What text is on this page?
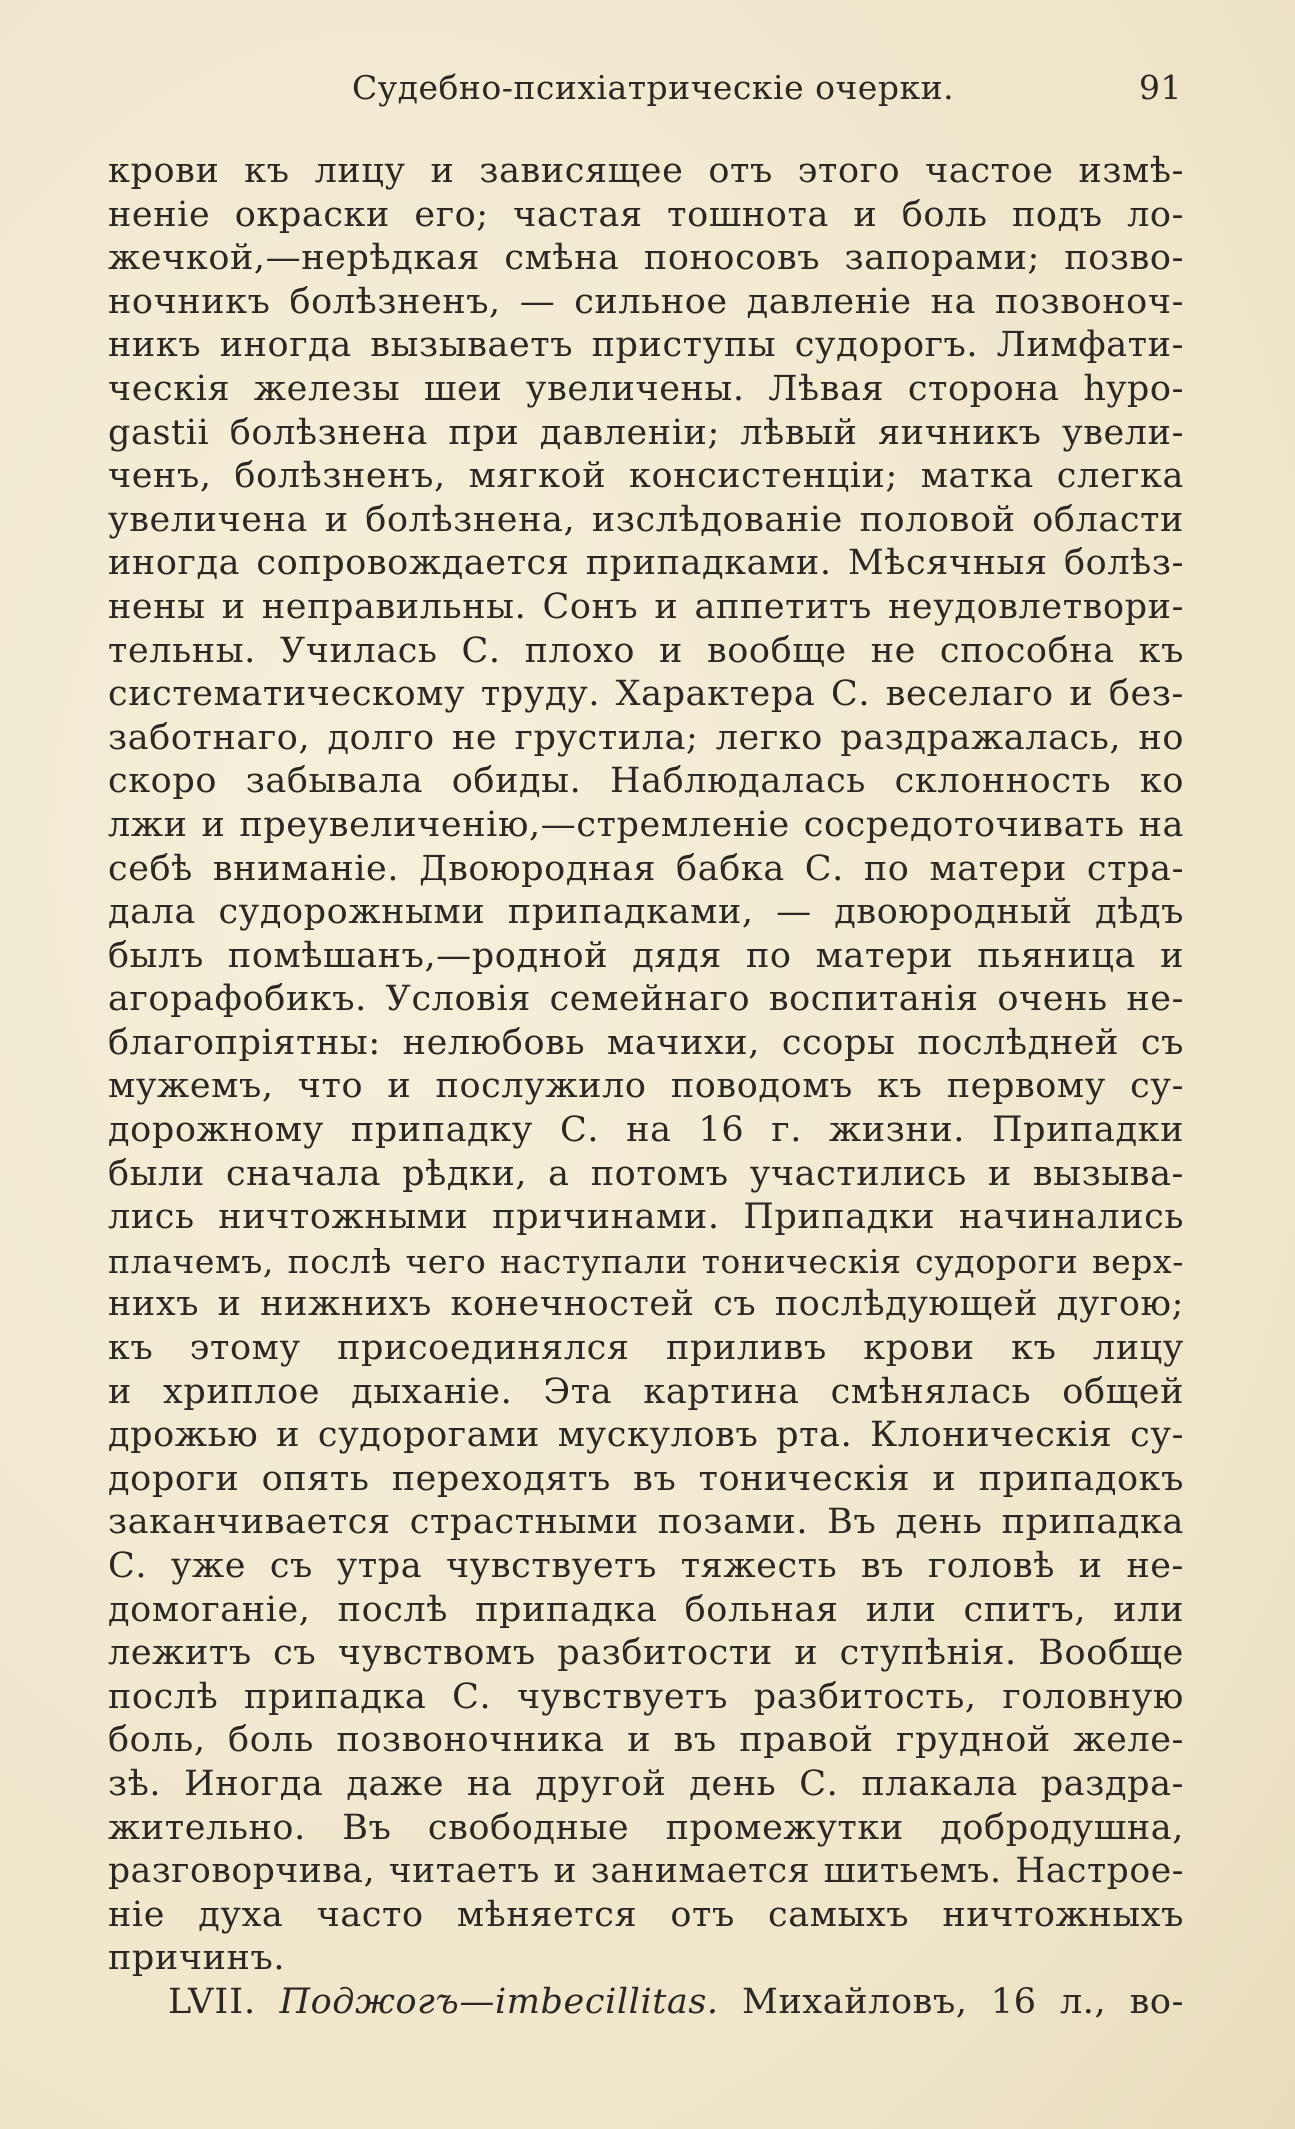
Судебно-психіатрическіе очерки.	91
крови къ лицу и зависящее отъ этого частое измѣ-
неніе окраски его; частая тошнота и боль подъ ло-
жечкой,—нерѣдкая смѣна поносовъ запорами; позво-
ночникъ болѣзненъ, — сильное давленіе на позвоноч-
никъ иногда вызываетъ приступы судорогъ. Лимфати-
ческія железы шеи увеличены. Лѣвая сторона hypo-
gastii болѣзнена при давленіи; лѣвый яичникъ увели-
ченъ, болѣзненъ, мягкой консистенціи; матка слегка
увеличена и болѣзнена, изслѣдованіе половой области
иногда сопровождается припадками. Мѣсячныя болѣз-
нены и неправильны. Сонъ и аппетитъ неудовлетвори-
тельны. Училась С. плохо и вообще не способна къ
систематическому труду. Характера С. веселаго и без-
заботнаго, долго не грустила; легко раздражалась, но
скоро забывала обиды. Наблюдалась склонность ко
лжи и преувеличенію,—стремленіе сосредоточивать на
себѣ вниманіе. Двоюродная бабка С. по матери стра-
дала судорожными припадками, — двоюродный дѣдъ
былъ помѣшанъ,—родной дядя по матери пьяница и
агорафобикъ. Условія семейнаго воспитанія очень не-
благопріятны: нелюбовь мачихи, ссоры послѣдней съ
мужемъ, что и послужило поводомъ къ первому су-
дорожному припадку С. на 16 г. жизни. Припадки
были сначала рѣдки, а потомъ участились и вызыва-
лись ничтожными причинами. Припадки начинались
плачемъ, послѣ чего наступали тоническія судороги верх-
нихъ и нижнихъ конечностей съ послѣдующей дугою;
къ этому присоединялся приливъ крови къ лицу
и хриплое дыханіе. Эта картина смѣнялась общей
дрожью и судорогами мускуловъ рта. Клоническія су-
дороги опять переходятъ въ тоническія и припадокъ
заканчивается страстными позами. Въ день припадка
С. уже съ утра чувствуетъ тяжесть въ головѣ и не-
домоганіе, послѣ припадка больная или спитъ, или
лежитъ съ чувствомъ разбитости и ступѣнія. Вообще
послѣ припадка С. чувствуетъ разбитость, головную
боль, боль позвоночника и въ правой грудной желе-
зѣ. Иногда даже на другой день С. плакала раздра-
жительно. Въ свободные промежутки добродушна,
разговорчива, читаетъ и занимается шитьемъ. Настрое-
ніе духа часто мѣняется отъ самыхъ ничтожныхъ
причинъ.
LVII. Поджогъ—imbecillitas. Михайловъ, 16 л., во-
